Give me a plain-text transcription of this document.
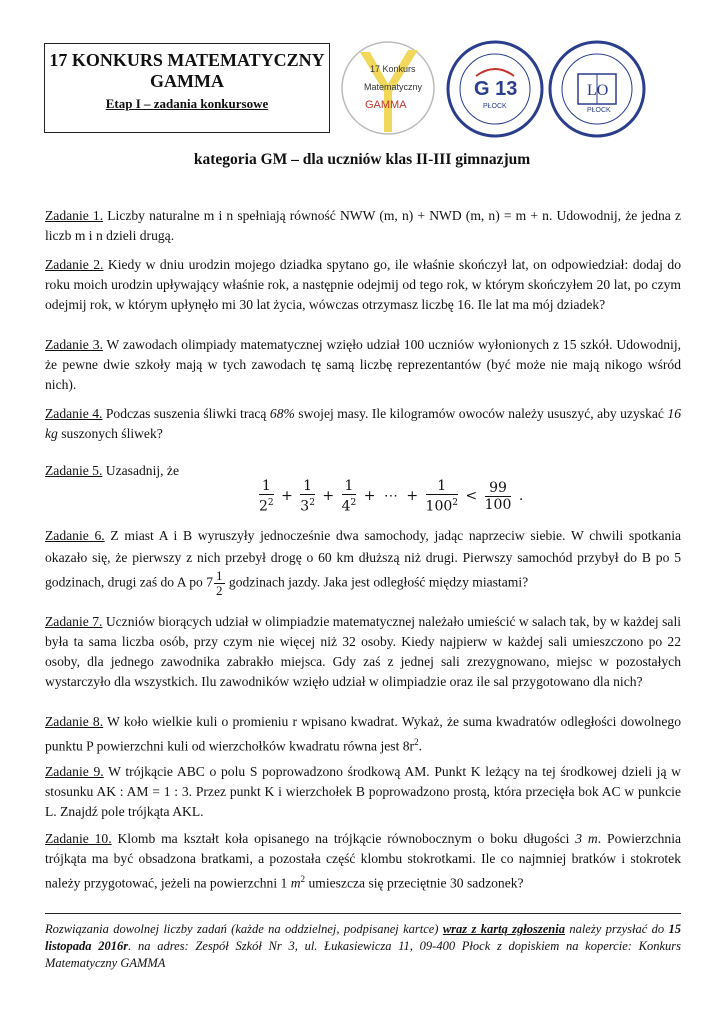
17 KONKURS MATEMATYCZNY
GAMMA
Etap I – zadania konkursowe
17 Konkurs
Matematyczny
GAMMA
G 13
PŁOCK
LO
PŁOCK
kategoria GM – dla uczniów klas II-III gimnazjum
Zadanie 1. Liczby naturalne m i n spełniają równość NWW (m, n) + NWD (m, n) = m + n. Udowodnij, że jedna z liczb m i n dzieli drugą.
Zadanie 2. Kiedy w dniu urodzin mojego dziadka spytano go, ile właśnie skończył lat, on odpowiedział: dodaj do roku moich urodzin upływający właśnie rok, a następnie odejmij od tego rok, w którym skończyłem 20 lat, po czym odejmij rok, w którym upłynęło mi 30 lat życia, wówczas otrzymasz liczbę 16. Ile lat ma mój dziadek?
Zadanie 3. W zawodach olimpiady matematycznej wzięło udział 100 uczniów wyłonionych z 15 szkół. Udowodnij, że pewne dwie szkoły mają w tych zawodach tę samą liczbę reprezentantów (być może nie mają nikogo wśród nich).
Zadanie 4. Podczas suszenia śliwki tracą 68% swojej masy. Ile kilogramów owoców należy ususzyć, aby uzyskać 16 kg suszonych śliwek?
Zadanie 5. Uzasadnij, że
$\frac{1}{2^2} + \frac{1}{3^2} + \frac{1}{4^2}$ + ⋯ + $\frac{1}{100^2} < \frac{99}{100}$ .
Zadanie 6. Z miast A i B wyruszyły jednocześnie dwa samochody, jadąc naprzeciw siebie. W chwili spotkania okazało się, że pierwszy z nich przebył drogę o 60 km dłuższą niż drugi. Pierwszy samochód przybył do B po 5 godzinach, drugi zaś do A po $7 \frac{1}{2}$ godzinach jazdy. Jaka jest odległość między miastami?
Zadanie 7. Uczniów biorących udział w olimpiadzie matematycznej należało umieścić w salach tak, by w każdej sali była ta sama liczba osób, przy czym nie więcej niż 32 osoby. Kiedy najpierw w każdej sali umieszczono po 22 osoby, dla jednego zawodnika zabrakło miejsca. Gdy zaś z jednej sali zrezygnowano, miejsc w pozostałych wystarczyło dla wszystkich. Ilu zawodników wzięło udział w olimpiadzie oraz ile sal przygotowano dla nich?
Zadanie 8. W koło wielkie kuli o promieniu r wpisano kwadrat. Wykaż, że suma kwadratów odległości dowolnego punktu P powierzchni kuli od wierzchołków kwadratu równa jest $8r^2$.
Zadanie 9. W trójkącie ABC o polu S poprowadzono środkową AM. Punkt K leżący na tej środkowej dzieli ją w stosunku AK : AM = 1 : 3. Przez punkt K i wierzchołek B poprowadzono prostą, która przecięła bok AC w punkcie L. Znajdź pole trójkąta AKL.
Zadanie 10. Klomb ma kształt koła opisanego na trójkącie równobocznym o boku długości 3 m. Powierzchnia trójkąta ma być obsadzona bratkami, a pozostała część klombu stokrotkami. Ile co najmniej bratków i stokrotek należy przygotować, jeżeli na powierzchni 1 $m^2$ umieszcza się przeciętnie 30 sadzonek?
Rozwiązania dowolnej liczby zadań (każde na oddzielnej, podpisanej kartce) wraz z kartą zgłoszenia należy przysłać do 15 listopada 2016r. na adres: Zespół Szkół Nr 3, ul. Łukasiewicza 11, 09-400 Płock z dopiskiem na kopercie: Konkurs Matematyczny GAMMA
